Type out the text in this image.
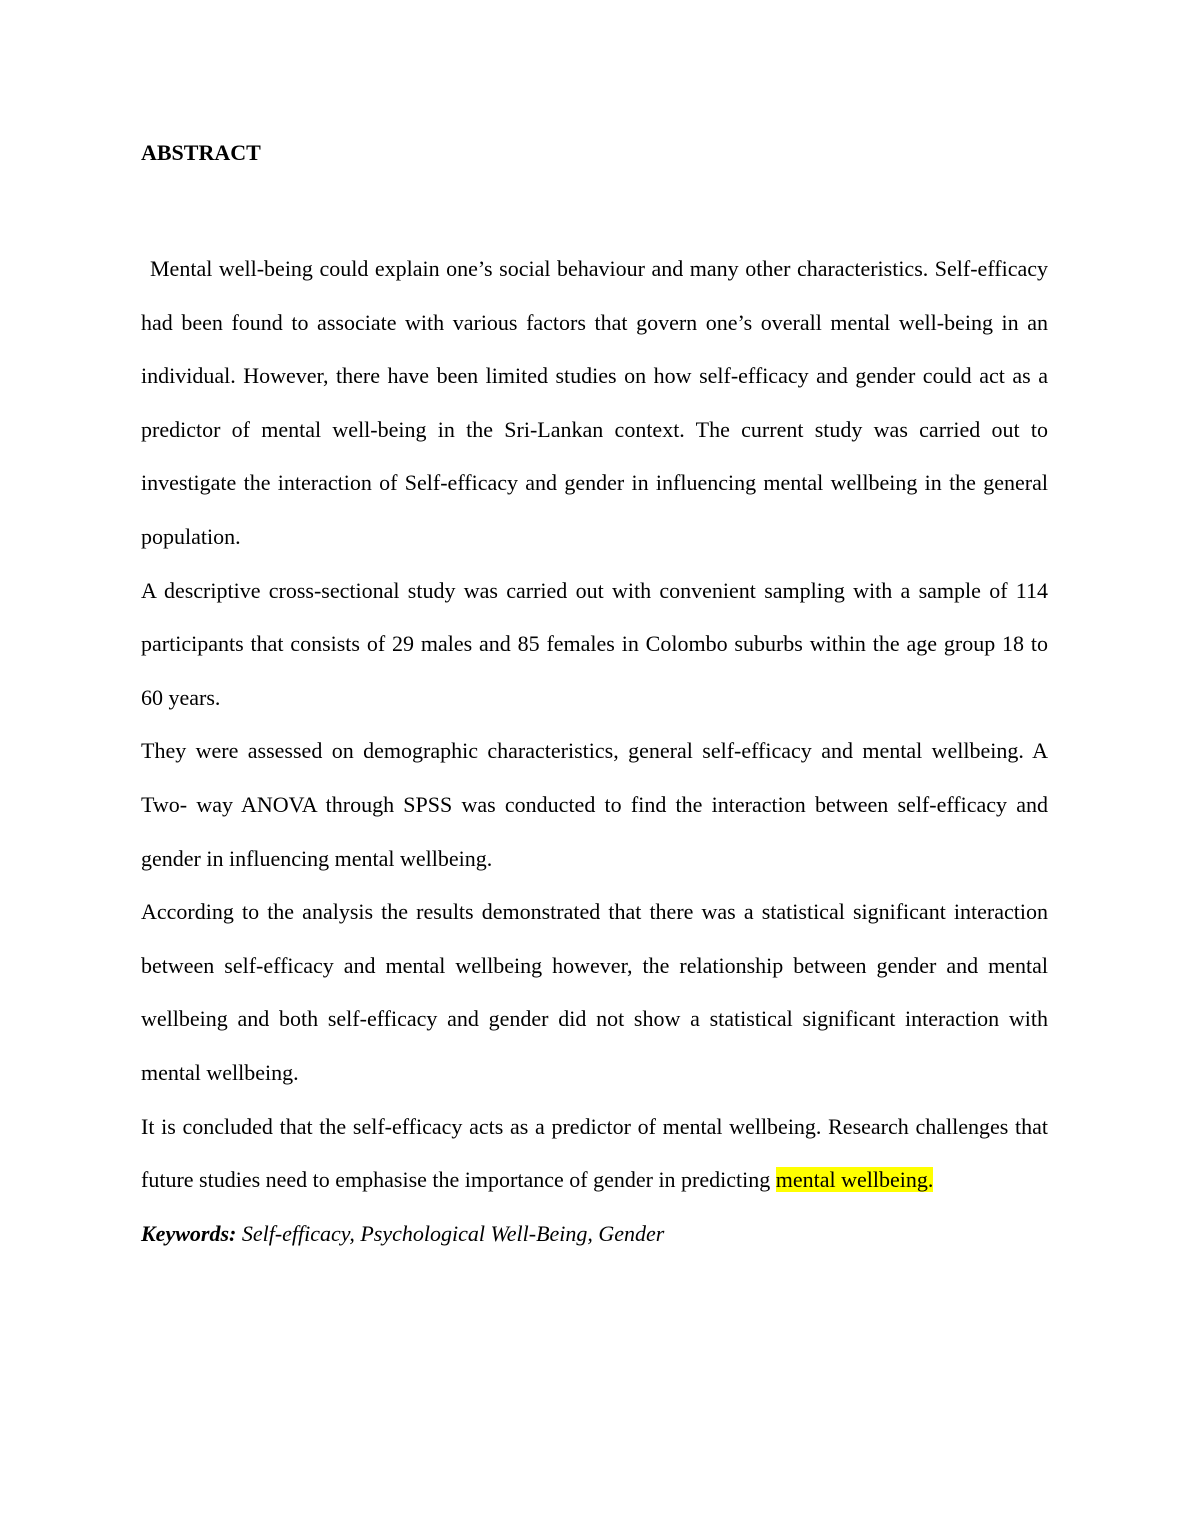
ABSTRACT

Mental well-being could explain one’s social behaviour and many other characteristics. Self-efficacy had been found to associate with various factors that govern one’s overall mental well-being in an individual. However, there have been limited studies on how self-efficacy and gender could act as a predictor of mental well-being in the Sri-Lankan context. The current study was carried out to investigate the interaction of Self-efficacy and gender in influencing mental wellbeing in the general population.

A descriptive cross-sectional study was carried out with convenient sampling with a sample of 114 participants that consists of 29 males and 85 females in Colombo suburbs within the age group 18 to 60 years.

They were assessed on demographic characteristics, general self-efficacy and mental wellbeing. A Two- way ANOVA through SPSS was conducted to find the interaction between self-efficacy and gender in influencing mental wellbeing.

According to the analysis the results demonstrated that there was a statistical significant interaction between self-efficacy and mental wellbeing however, the relationship between gender and mental wellbeing and both self-efficacy and gender did not show a statistical significant interaction with mental wellbeing.

It is concluded that the self-efficacy acts as a predictor of mental wellbeing. Research challenges that future studies need to emphasise the importance of gender in predicting mental wellbeing.

Keywords: Self-efficacy, Psychological Well-Being, Gender
